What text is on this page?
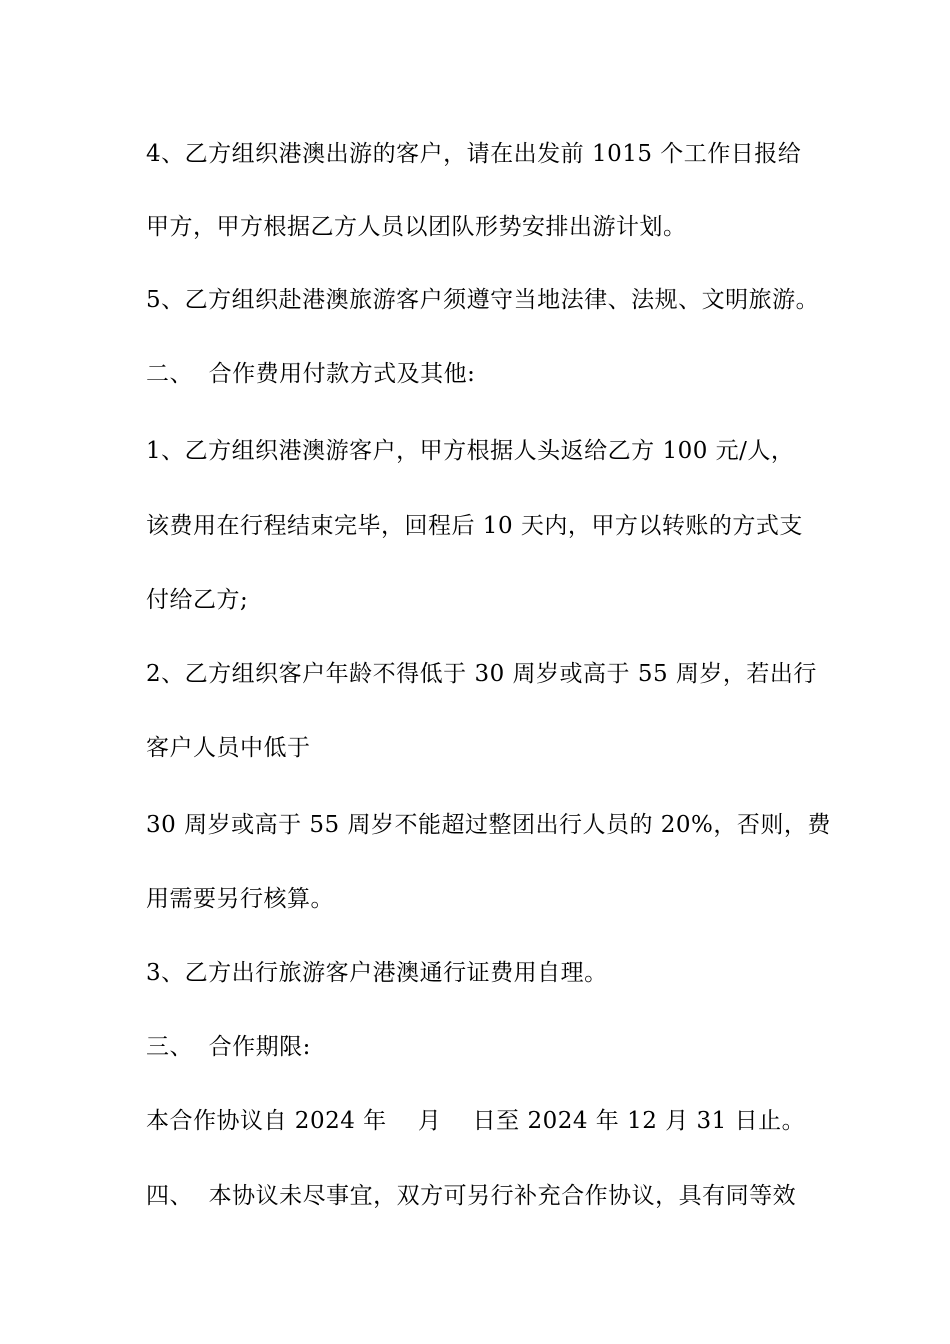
4、乙方组织港澳出游的客户，请在出发前 1015 个工作日报给
甲方，甲方根据乙方人员以团队形势安排出游计划。
5、乙方组织赴港澳旅游客户须遵守当地法律、法规、文明旅游。
二、  合作费用付款方式及其他:
1、乙方组织港澳游客户，甲方根据人头返给乙方 100 元/人，
该费用在行程结束完毕，回程后 10 天内，甲方以转账的方式支
付给乙方;
2、乙方组织客户年龄不得低于 30 周岁或高于 55 周岁，若出行
客户人员中低于
30 周岁或高于 55 周岁不能超过整团出行人员的 20%，否则，费
用需要另行核算。
3、乙方出行旅游客户港澳通行证费用自理。
三、  合作期限:
本合作协议自 2024 年    月    日至 2024 年 12 月 31 日止。
四、  本协议未尽事宜，双方可另行补充合作协议，具有同等效
